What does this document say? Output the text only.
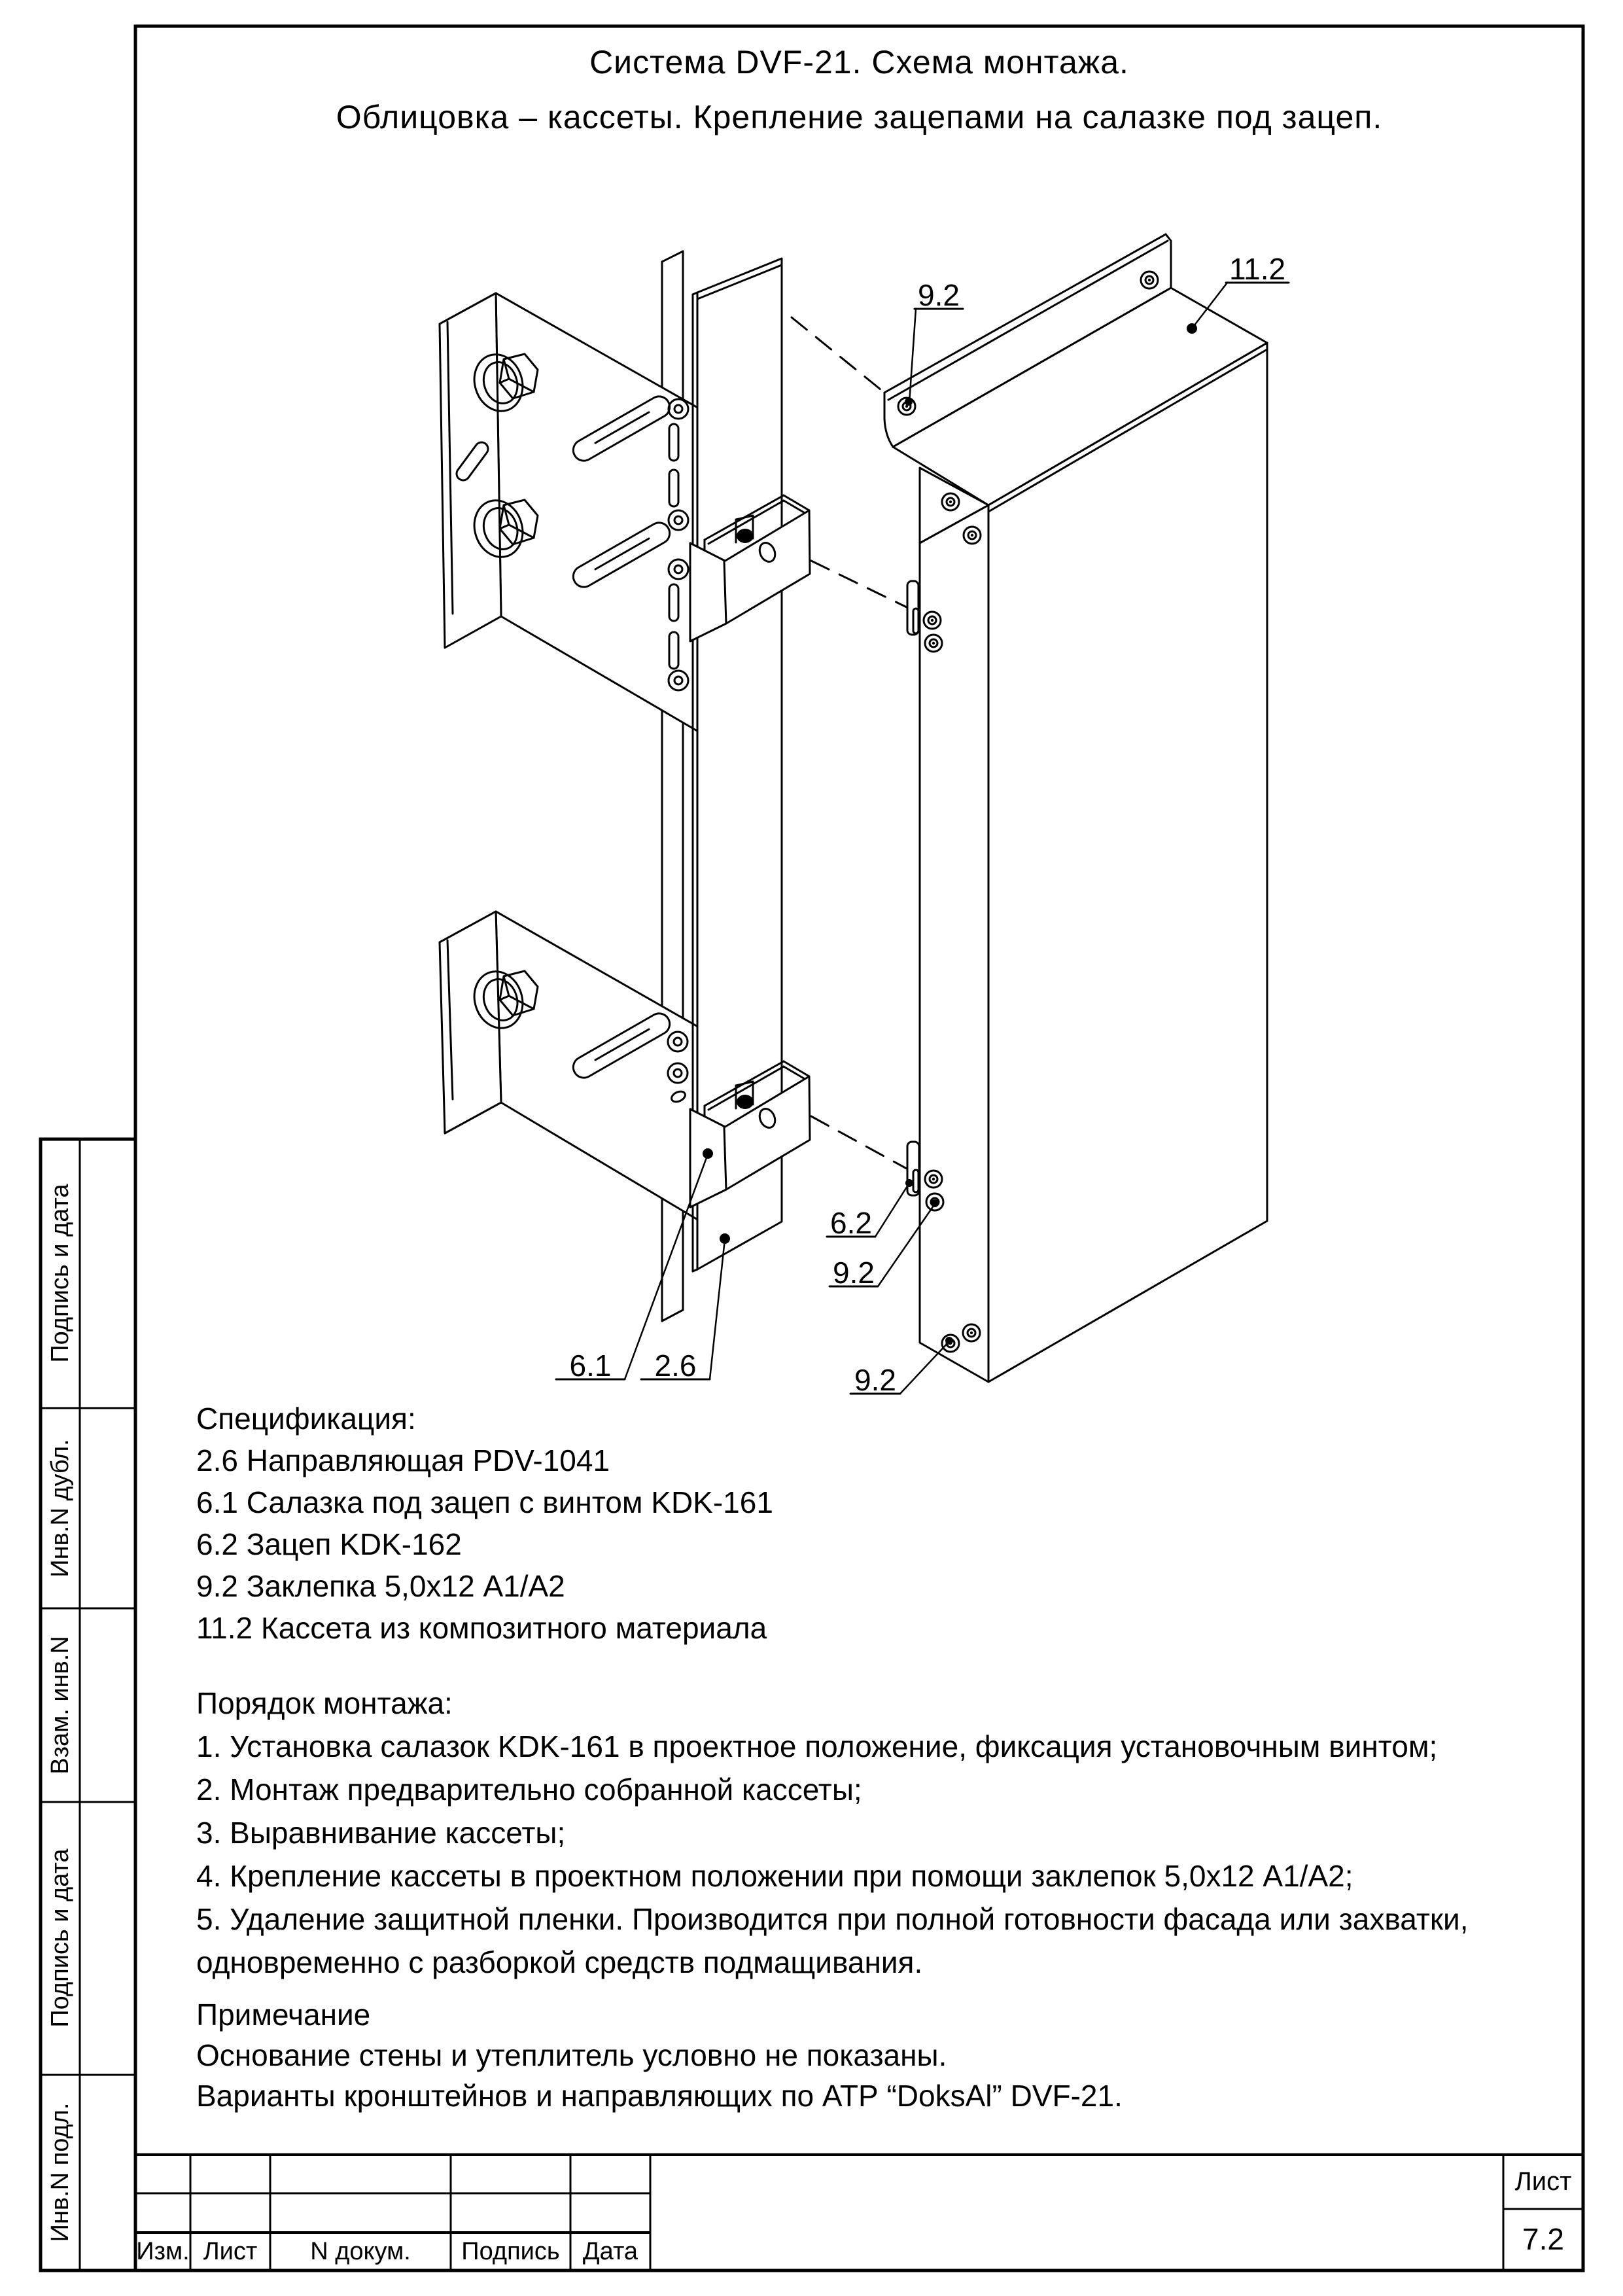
Система DVF-21. Схема монтажа.
Облицовка – кассеты. Крепление зацепами на салазке под зацеп.
9.2
11.2
6.2
9.2
9.2
6.1	2.6
Спецификация:
2.6 Направляющая PDV-1041
6.1 Салазка под зацеп с винтом KDK-161
6.2 Зацеп KDK-162
9.2 Заклепка 5,0х12 А1/А2
11.2 Кассета из композитного материала
Порядок монтажа:
1. Установка салазок KDK-161 в проектное положение, фиксация установочным винтом;
2. Монтаж предварительно собранной кассеты;
3. Выравнивание кассеты;
4. Крепление кассеты в проектном положении при помощи заклепок 5,0х12 А1/А2;
5. Удаление защитной пленки. Производится при полной готовности фасада или захватки, одновременно с разборкой средств подмащивания.
Примечание
Основание стены и утеплитель условно не показаны.
Варианты кронштейнов и направляющих по АТР “DoksAl” DVF-21.
Подпись и дата
Инв.N дубл.
Взам. инв.N
Подпись и дата
Инв.N подл.
Изм. Лист	N докум.	Подпись Дата
Лист
7.2
